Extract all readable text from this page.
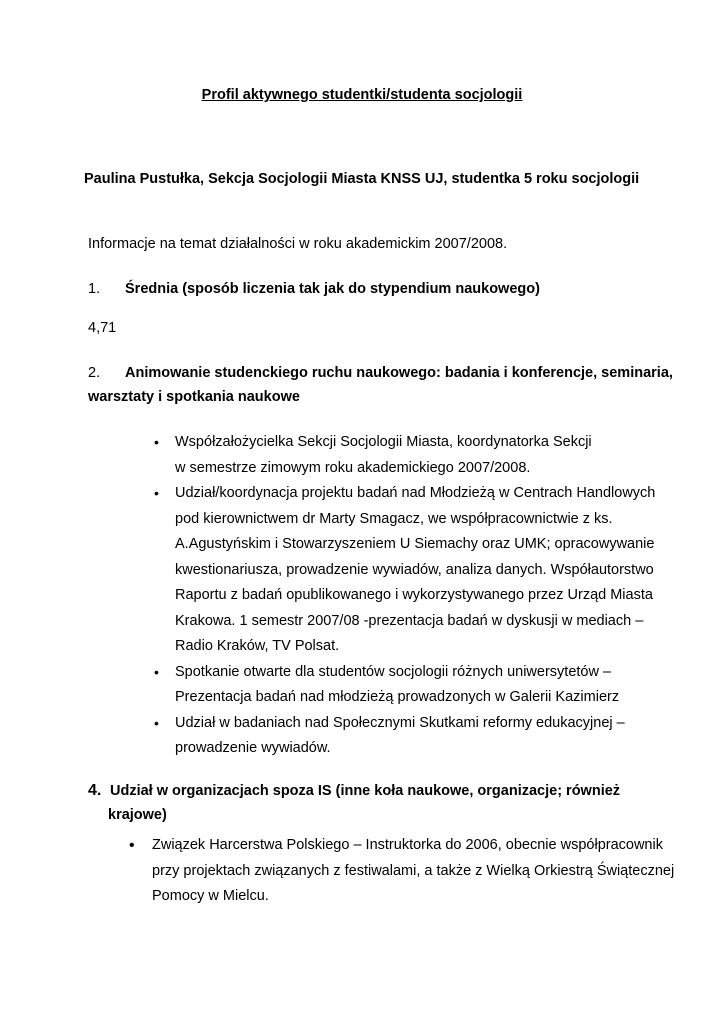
Profil aktywnego studentki/studenta socjologii
Paulina Pustułka, Sekcja Socjologii Miasta KNSS UJ, studentka 5 roku socjologii
Informacje na temat działalności w roku akademickim 2007/2008.
1. Średnia (sposób liczenia tak jak do stypendium naukowego)
4,71
2. Animowanie studenckiego ruchu naukowego: badania i konferencje, seminaria,
warsztaty i spotkania naukowe
• Współzałożycielka Sekcji Socjologii Miasta, koordynatorka Sekcji
w semestrze zimowym roku akademickiego 2007/2008.
• Udział/koordynacja projektu badań nad Młodzieżą w Centrach Handlowych
pod kierownictwem dr Marty Smagacz, we współpracownictwie z ks.
A.Agustyńskim i Stowarzyszeniem U Siemachy oraz UMK; opracowywanie
kwestionariusza, prowadzenie wywiadów, analiza danych. Współautorstwo
Raportu z badań opublikowanego i wykorzystywanego przez Urząd Miasta
Krakowa. 1 semestr 2007/08 -prezentacja badań w dyskusji w mediach –
Radio Kraków, TV Polsat.
• Spotkanie otwarte dla studentów socjologii różnych uniwersytetów –
Prezentacja badań nad młodzieżą prowadzonych w Galerii Kazimierz
• Udział w badaniach nad Społecznymi Skutkami reformy edukacyjnej –
prowadzenie wywiadów.
4. Udział w organizacjach spoza IS (inne koła naukowe, organizacje; również
krajowe)
• Związek Harcerstwa Polskiego – Instruktorka do 2006, obecnie współpracownik
przy projektach związanych z festiwalami, a także z Wielką Orkiestrą Świątecznej
Pomocy w Mielcu.
